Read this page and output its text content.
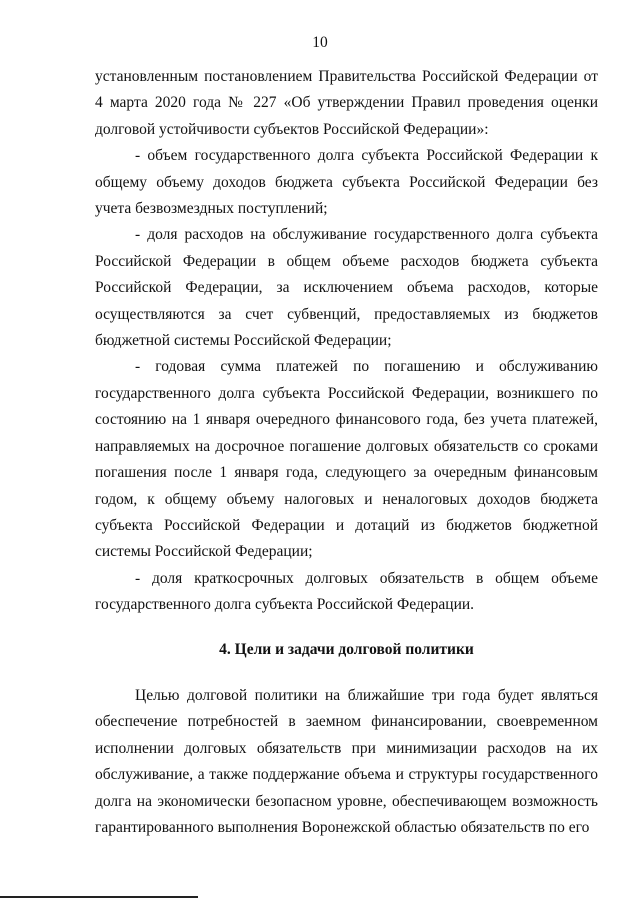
10

установленным постановлением Правительства Российской Федерации от 4 марта 2020 года № 227 «Об утверждении Правил проведения оценки долговой устойчивости субъектов Российской Федерации»:

- объем государственного долга субъекта Российской Федерации к общему объему доходов бюджета субъекта Российской Федерации без учета безвозмездных поступлений;

- доля расходов на обслуживание государственного долга субъекта Российской Федерации в общем объеме расходов бюджета субъекта Российской Федерации, за исключением объема расходов, которые осуществляются за счет субвенций, предоставляемых из бюджетов бюджетной системы Российской Федерации;

- годовая сумма платежей по погашению и обслуживанию государственного долга субъекта Российской Федерации, возникшего по состоянию на 1 января очередного финансового года, без учета платежей, направляемых на досрочное погашение долговых обязательств со сроками погашения после 1 января года, следующего за очередным финансовым годом, к общему объему налоговых и неналоговых доходов бюджета субъекта Российской Федерации и дотаций из бюджетов бюджетной системы Российской Федерации;

- доля краткосрочных долговых обязательств в общем объеме государственного долга субъекта Российской Федерации.

4. Цели и задачи долговой политики

Целью долговой политики на ближайшие три года будет являться обеспечение потребностей в заемном финансировании, своевременном исполнении долговых обязательств при минимизации расходов на их обслуживание, а также поддержание объема и структуры государственного долга на экономически безопасном уровне, обеспечивающем возможность гарантированного выполнения Воронежской областью обязательств по его
